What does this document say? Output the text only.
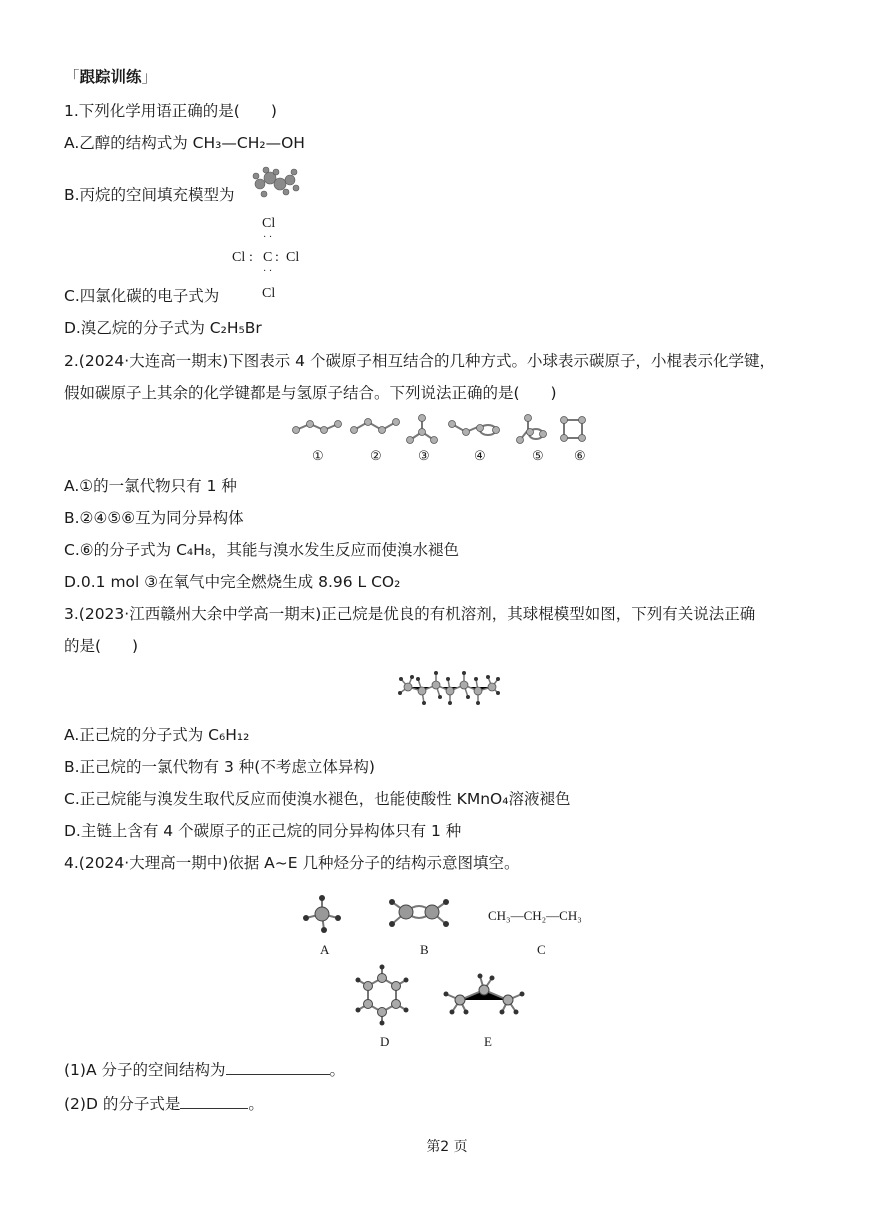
「跟踪训练」
1.下列化学用语正确的是(　　)
A.乙醇的结构式为 CH₃—CH₂—OH
B.丙烷的空间填充模型为
Cl
· ·
Cl : C : Cl
· ·
Cl
C.四氯化碳的电子式为
D.溴乙烷的分子式为 C₂H₅Br
2.(2024·大连高一期末)下图表示 4 个碳原子相互结合的几种方式。小球表示碳原子，小棍表示化学键，
假如碳原子上其余的化学键都是与氢原子结合。下列说法正确的是(　　)
①	②	③	④	⑤ ⑥
A.①的一氯代物只有 1 种
B.②④⑤⑥互为同分异构体
C.⑥的分子式为 C₄H₈，其能与溴水发生反应而使溴水褪色
D.0.1 mol ③在氧气中完全燃烧生成 8.96 L CO₂
3.(2023·江西赣州大余中学高一期末)正己烷是优良的有机溶剂，其球棍模型如图，下列有关说法正确
的是(　　)
A.正己烷的分子式为 C₆H₁₂
B.正己烷的一氯代物有 3 种(不考虑立体异构)
C.正己烷能与溴发生取代反应而使溴水褪色，也能使酸性 KMnO₄溶液褪色
D.主链上含有 4 个碳原子的正己烷的同分异构体只有 1 种
4.(2024·大理高一期中)依据 A~E 几种烃分子的结构示意图填空。
CH₃—CH₂—CH₃
A	B	C
D	E
(1)A 分子的空间结构为	。
(2)D 的分子式是	。
第2 页
